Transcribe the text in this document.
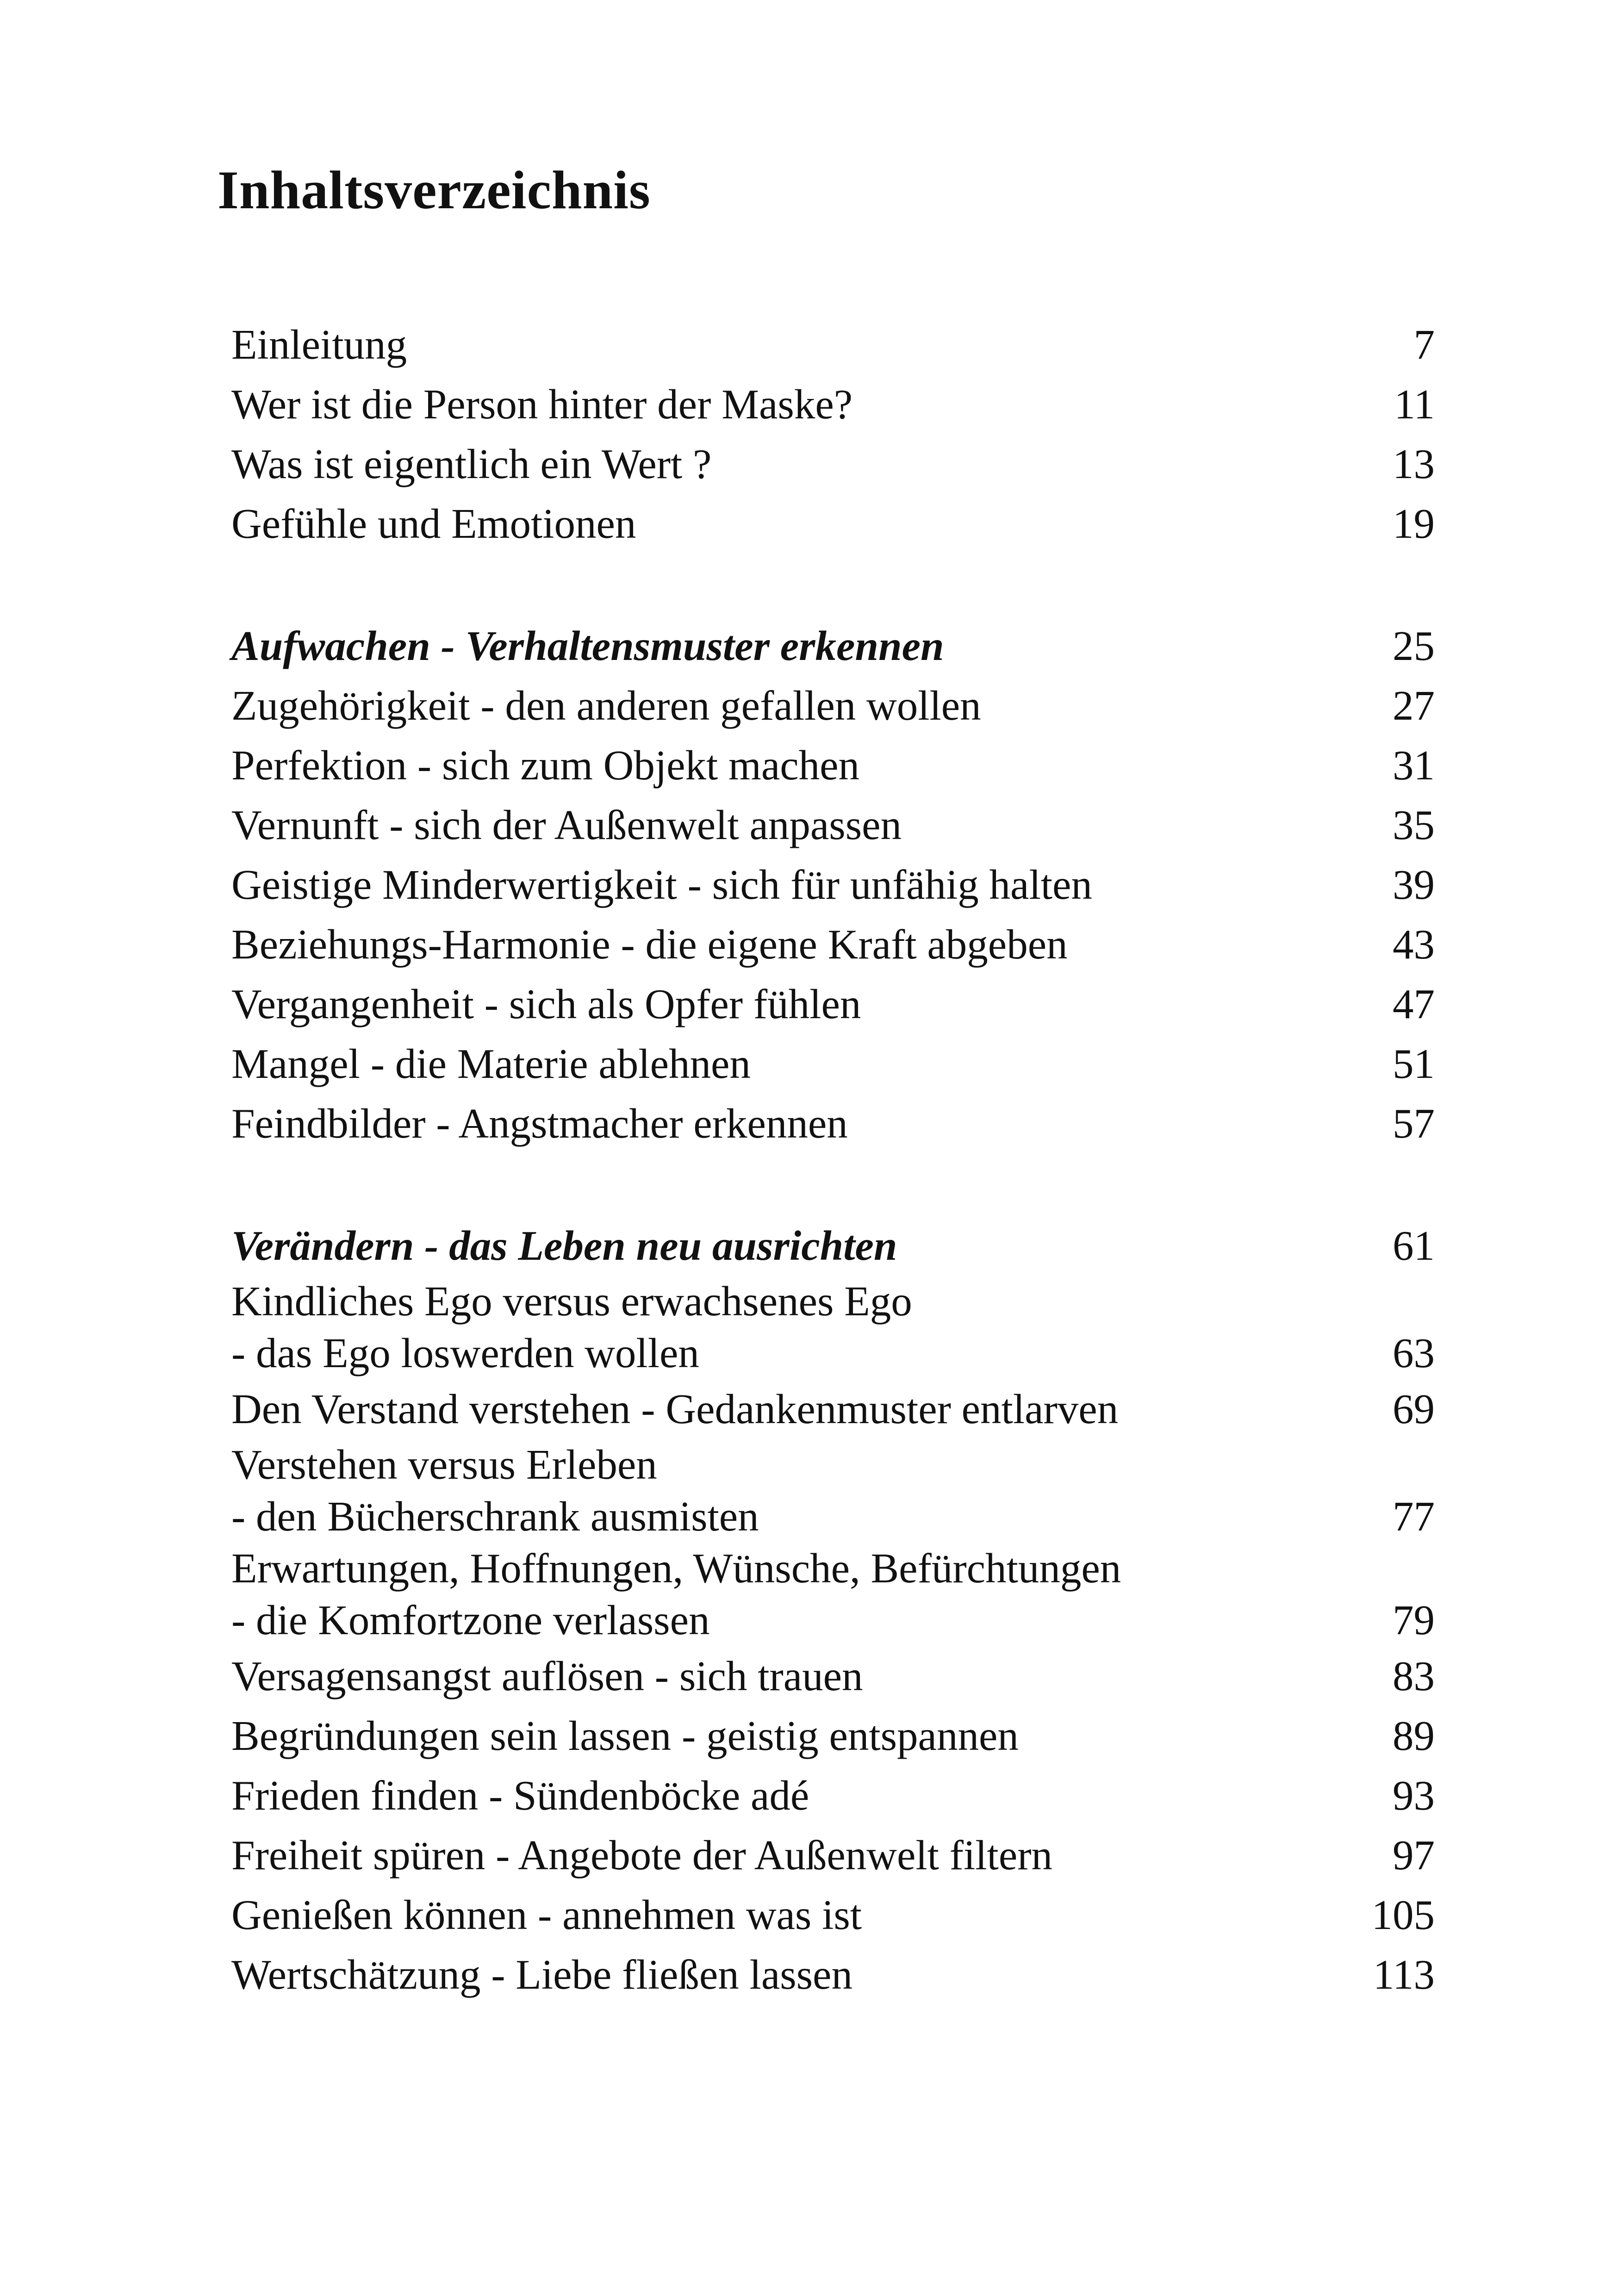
Inhaltsverzeichnis
Einleitung	7
Wer ist die Person hinter der Maske?	11
Was ist eigentlich ein Wert ?	13
Gefühle und Emotionen	19
Aufwachen - Verhaltensmuster erkennen	25
Zugehörigkeit - den anderen gefallen wollen	27
Perfektion - sich zum Objekt machen	31
Vernunft - sich der Außenwelt anpassen	35
Geistige Minderwertigkeit - sich für unfähig halten	39
Beziehungs-Harmonie - die eigene Kraft abgeben	43
Vergangenheit - sich als Opfer fühlen	47
Mangel - die Materie ablehnen	51
Feindbilder - Angstmacher erkennen	57
Verändern - das Leben neu ausrichten	61
Kindliches Ego versus erwachsenes Ego
- das Ego loswerden wollen	63
Den Verstand verstehen - Gedankenmuster entlarven	69
Verstehen versus Erleben
- den Bücherschrank ausmisten	77
Erwartungen, Hoffnungen, Wünsche, Befürchtungen
- die Komfortzone verlassen	79
Versagensangst auflösen - sich trauen	83
Begründungen sein lassen - geistig entspannen	89
Frieden finden - Sündenböcke adé	93
Freiheit spüren - Angebote der Außenwelt filtern	97
Genießen können - annehmen was ist	105
Wertschätzung - Liebe fließen lassen	113
